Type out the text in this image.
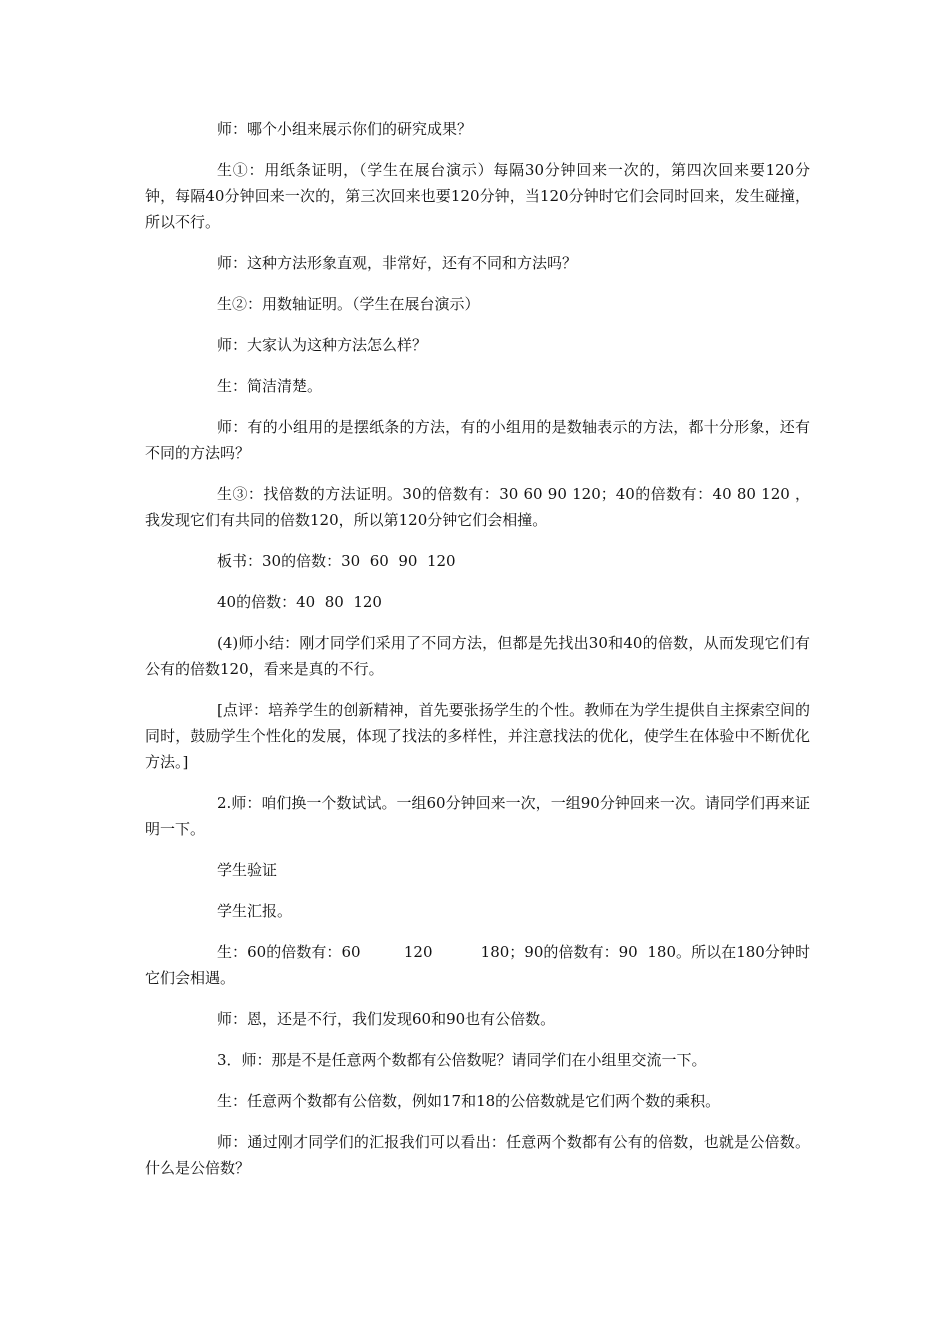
师：哪个小组来展示你们的研究成果？

生①：用纸条证明，（学生在展台演示）每隔30分钟回来一次的，第四次回来要120分钟，每隔40分钟回来一次的，第三次回来也要120分钟，当120分钟时它们会同时回来，发生碰撞，所以不行。

师：这种方法形象直观，非常好，还有不同和方法吗？

生②：用数轴证明。（学生在展台演示）

师：大家认为这种方法怎么样？

生：简洁清楚。

师：有的小组用的是摆纸条的方法，有的小组用的是数轴表示的方法，都十分形象，还有不同的方法吗？

生③：找倍数的方法证明。30的倍数有：30 60 90 120；40的倍数有：40 80 120 ，我发现它们有共同的倍数120，所以第120分钟它们会相撞。

板书：30的倍数：30  60  90  120

40的倍数：40  80  120

(4)师小结：刚才同学们采用了不同方法，但都是先找出30和40的倍数，从而发现它们有公有的倍数120，看来是真的不行。

[点评：培养学生的创新精神，首先要张扬学生的个性。教师在为学生提供自主探索空间的同时，鼓励学生个性化的发展，体现了找法的多样性，并注意找法的优化，使学生在体验中不断优化方法。]

2.师：咱们换一个数试试。一组60分钟回来一次，一组90分钟回来一次。请同学们再来证明一下。

学生验证

学生汇报。

生：60的倍数有：60         120          180；90的倍数有：90  180。所以在180分钟时它们会相遇。

师：恩，还是不行，我们发现60和90也有公倍数。

3．师：那是不是任意两个数都有公倍数呢？请同学们在小组里交流一下。

生：任意两个数都有公倍数，例如17和18的公倍数就是它们两个数的乘积。

师：通过刚才同学们的汇报我们可以看出：任意两个数都有公有的倍数，也就是公倍数。什么是公倍数？
